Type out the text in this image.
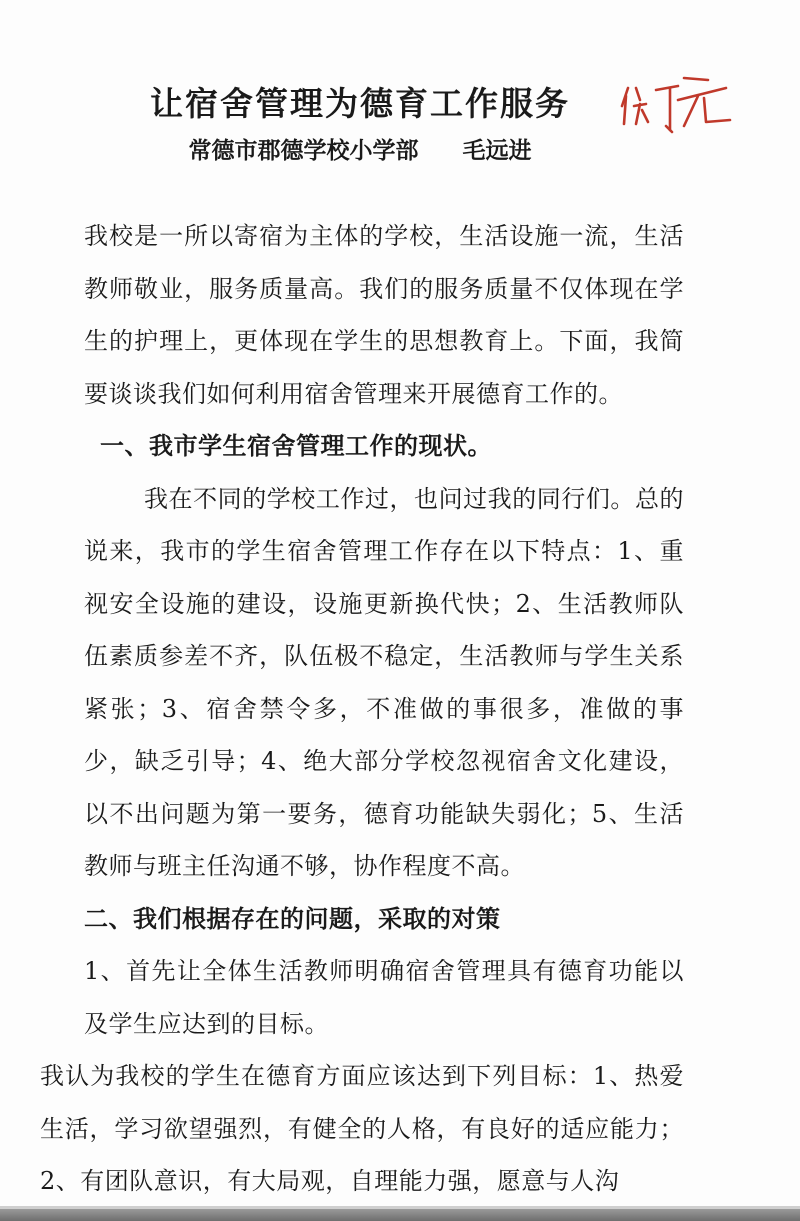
让宿舍管理为德育工作服务
常德市郡德学校小学部 毛远进

我校是一所以寄宿为主体的学校，生活设施一流，生活教师敬业，服务质量高。我们的服务质量不仅体现在学生的护理上，更体现在学生的思想教育上。下面，我简要谈谈我们如何利用宿舍管理来开展德育工作的。

一、我市学生宿舍管理工作的现状。

我在不同的学校工作过，也问过我的同行们。总的说来，我市的学生宿舍管理工作存在以下特点：1、重视安全设施的建设，设施更新换代快；2、生活教师队伍素质参差不齐，队伍极不稳定，生活教师与学生关系紧张；3、宿舍禁令多，不准做的事很多，准做的事少，缺乏引导；4、绝大部分学校忽视宿舍文化建设，以不出问题为第一要务，德育功能缺失弱化；5、生活教师与班主任沟通不够，协作程度不高。

二、我们根据存在的问题，采取的对策

1、首先让全体生活教师明确宿舍管理具有德育功能以及学生应达到的目标。

我认为我校的学生在德育方面应该达到下列目标：1、热爱生活，学习欲望强烈，有健全的人格，有良好的适应能力；2、有团队意识，有大局观，自理能力强，愿意与人沟
